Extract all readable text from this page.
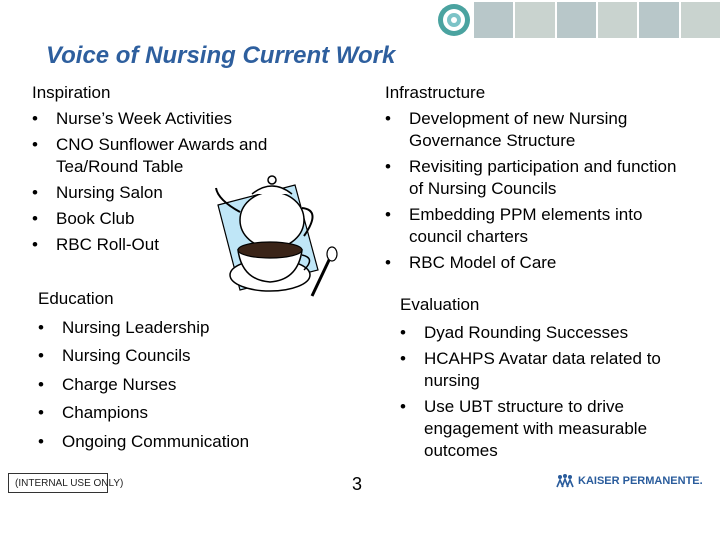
Voice of Nursing Current Work
Inspiration
• Nurse’s Week Activities
• CNO Sunflower Awards and Tea/Round Table
• Nursing Salon
• Book Club
• RBC Roll-Out
Infrastructure
• Development of new Nursing Governance Structure
• Revisiting participation and function of Nursing Councils
• Embedding PPM elements into council charters
• RBC Model of Care
Education
• Nursing Leadership
• Nursing Councils
• Charge Nurses
• Champions
• Ongoing Communication
Evaluation
• Dyad Rounding Successes
• HCAHPS Avatar data related to nursing
• Use UBT structure to drive engagement with measurable outcomes
(INTERNAL USE ONLY)	3	KAISER PERMANENTE.
